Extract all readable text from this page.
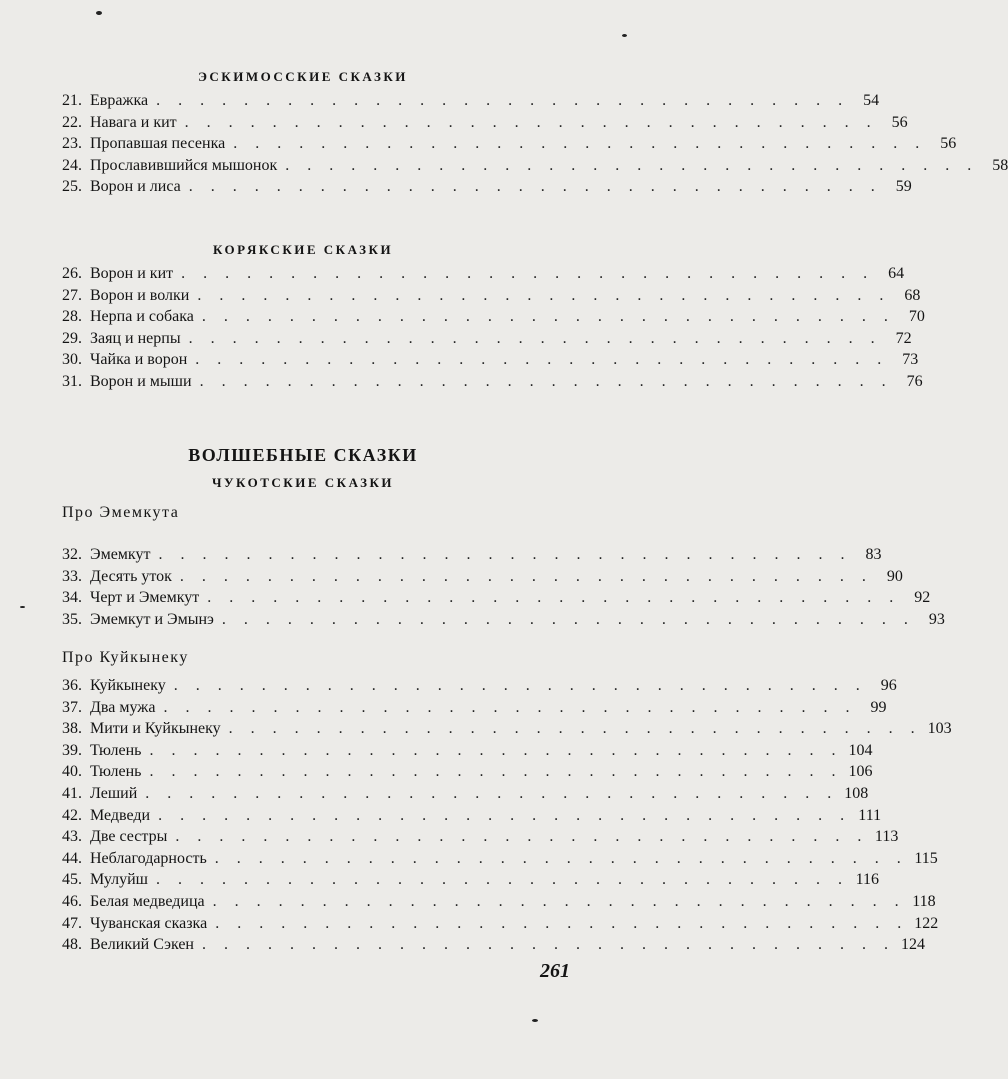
ЭСКИМОССКИЕ СКАЗКИ
21. Евражка . . . . . . . . . . . . . . . . . . . . . . . . . . . . . . . . 54
22. Навага и кит . . . . . . . . . . . . . . . . . . . . . . . . . . . . . . . . 56
23. Пропавшая песенка . . . . . . . . . . . . . . . . . . . . . . . . . . . . . . . . 56
24. Прославившийся мышонок . . . . . . . . . . . . . . . . . . . . . . . . . . . . . . . . 58
25. Ворон и лиса . . . . . . . . . . . . . . . . . . . . . . . . . . . . . . . . 59
КОРЯКСКИЕ СКАЗКИ
26. Ворон и кит . . . . . . . . . . . . . . . . . . . . . . . . . . . . . . . . 64
27. Ворон и волки . . . . . . . . . . . . . . . . . . . . . . . . . . . . . . . . 68
28. Нерпа и собака . . . . . . . . . . . . . . . . . . . . . . . . . . . . . . . . 70
29. Заяц и нерпы . . . . . . . . . . . . . . . . . . . . . . . . . . . . . . . . 72
30. Чайка и ворон . . . . . . . . . . . . . . . . . . . . . . . . . . . . . . . . 73
31. Ворон и мыши . . . . . . . . . . . . . . . . . . . . . . . . . . . . . . . . 76
ВОЛШЕБНЫЕ СКАЗКИ
ЧУКОТСКИЕ СКАЗКИ
Про Эмемкута
32. Эмемкут . . . . . . . . . . . . . . . . . . . . . . . . . . . . . . . . 83
33. Десять уток . . . . . . . . . . . . . . . . . . . . . . . . . . . . . . . . 90
34. Черт и Эмемкут . . . . . . . . . . . . . . . . . . . . . . . . . . . . . . . . 92
35. Эмемкут и Эмынэ . . . . . . . . . . . . . . . . . . . . . . . . . . . . . . . . 93
Про Куйкынеку
36. Куйкынеку . . . . . . . . . . . . . . . . . . . . . . . . . . . . . . . . 96
37. Два мужа . . . . . . . . . . . . . . . . . . . . . . . . . . . . . . . . 99
38. Мити и Куйкынеку . . . . . . . . . . . . . . . . . . . . . . . . . . . . . . . . 103
39. Тюлень . . . . . . . . . . . . . . . . . . . . . . . . . . . . . . . . 104
40. Тюлень . . . . . . . . . . . . . . . . . . . . . . . . . . . . . . . . 106
41. Леший . . . . . . . . . . . . . . . . . . . . . . . . . . . . . . . . 108
42. Медведи . . . . . . . . . . . . . . . . . . . . . . . . . . . . . . . . 111
43. Две сестры . . . . . . . . . . . . . . . . . . . . . . . . . . . . . . . . 113
44. Неблагодарность . . . . . . . . . . . . . . . . . . . . . . . . . . . . . . . . 115
45. Мулуйш . . . . . . . . . . . . . . . . . . . . . . . . . . . . . . . . 116
46. Белая медведица . . . . . . . . . . . . . . . . . . . . . . . . . . . . . . . . 118
47. Чуванская сказка . . . . . . . . . . . . . . . . . . . . . . . . . . . . . . . . 122
48. Великий Сэкен . . . . . . . . . . . . . . . . . . . . . . . . . . . . . . . . 124
261
